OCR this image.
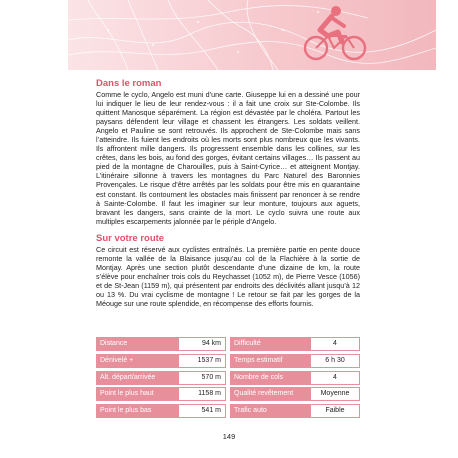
Dans le roman

Comme le cyclo, Angelo est muni d’une carte. Giuseppe lui en a dessiné une pour lui indiquer le lieu de leur rendez-vous : il a fait une croix sur Ste-Colombe. Ils quittent Manosque séparément. La région est dévastée par le choléra. Partout les paysans défendent leur village et chassent les étrangers. Les soldats veillent. Angelo et Pauline se sont retrouvés. Ils approchent de Ste-Colombe mais sans l’atteindre. Ils fuient les endroits où les morts sont plus nombreux que les vivants. Ils affrontent mille dangers. Ils progressent ensemble dans les collines, sur les crêtes, dans les bois, au fond des gorges, évitant certains villages… Ils passent au pied de la montagne de Charouilles, puis à Saint-Cyrice… et atteignent Montjay. L’itinéraire sillonne à travers les montagnes du Parc Naturel des Baronnies Provençales. Le risque d’être arrêtés par les soldats pour être mis en quarantaine est constant. Ils contournent les obstacles mais finissent par renoncer à se rendre à Sainte-Colombe. Il faut les imaginer sur leur monture, toujours aux aguets, bravant les dangers, sans crainte de la mort. Le cyclo suivra une route aux multiples escarpements jalonnée par le périple d’Angelo.

Sur votre route

Ce circuit est réservé aux cyclistes entraînés. La première partie en pente douce remonte la vallée de la Blaisance jusqu’au col de la Flachière à la sortie de Montjay. Après une section plutôt descendante d’une dizaine de km, la route s’élève pour enchaîner trois cols du Reychasset (1052 m), de Pierre Vesce (1056) et de St-Jean (1159 m), qui présentent par endroits des déclivités allant jusqu’à 12 ou 13 %. Du vrai cyclisme de montagne ! Le retour se fait par les gorges de la Méouge sur une route splendide, en récompense des efforts fournis.

Distance	94 km	Difficulté	4
Dénivelé +	1537 m	Temps estimatif	6 h 30
Alt. départ/arrivée	570 m	Nombre de cols	4
Point le plus haut	1158 m	Qualité revêtement	Moyenne
Point le plus bas	541 m	Trafic auto	Faible
149
